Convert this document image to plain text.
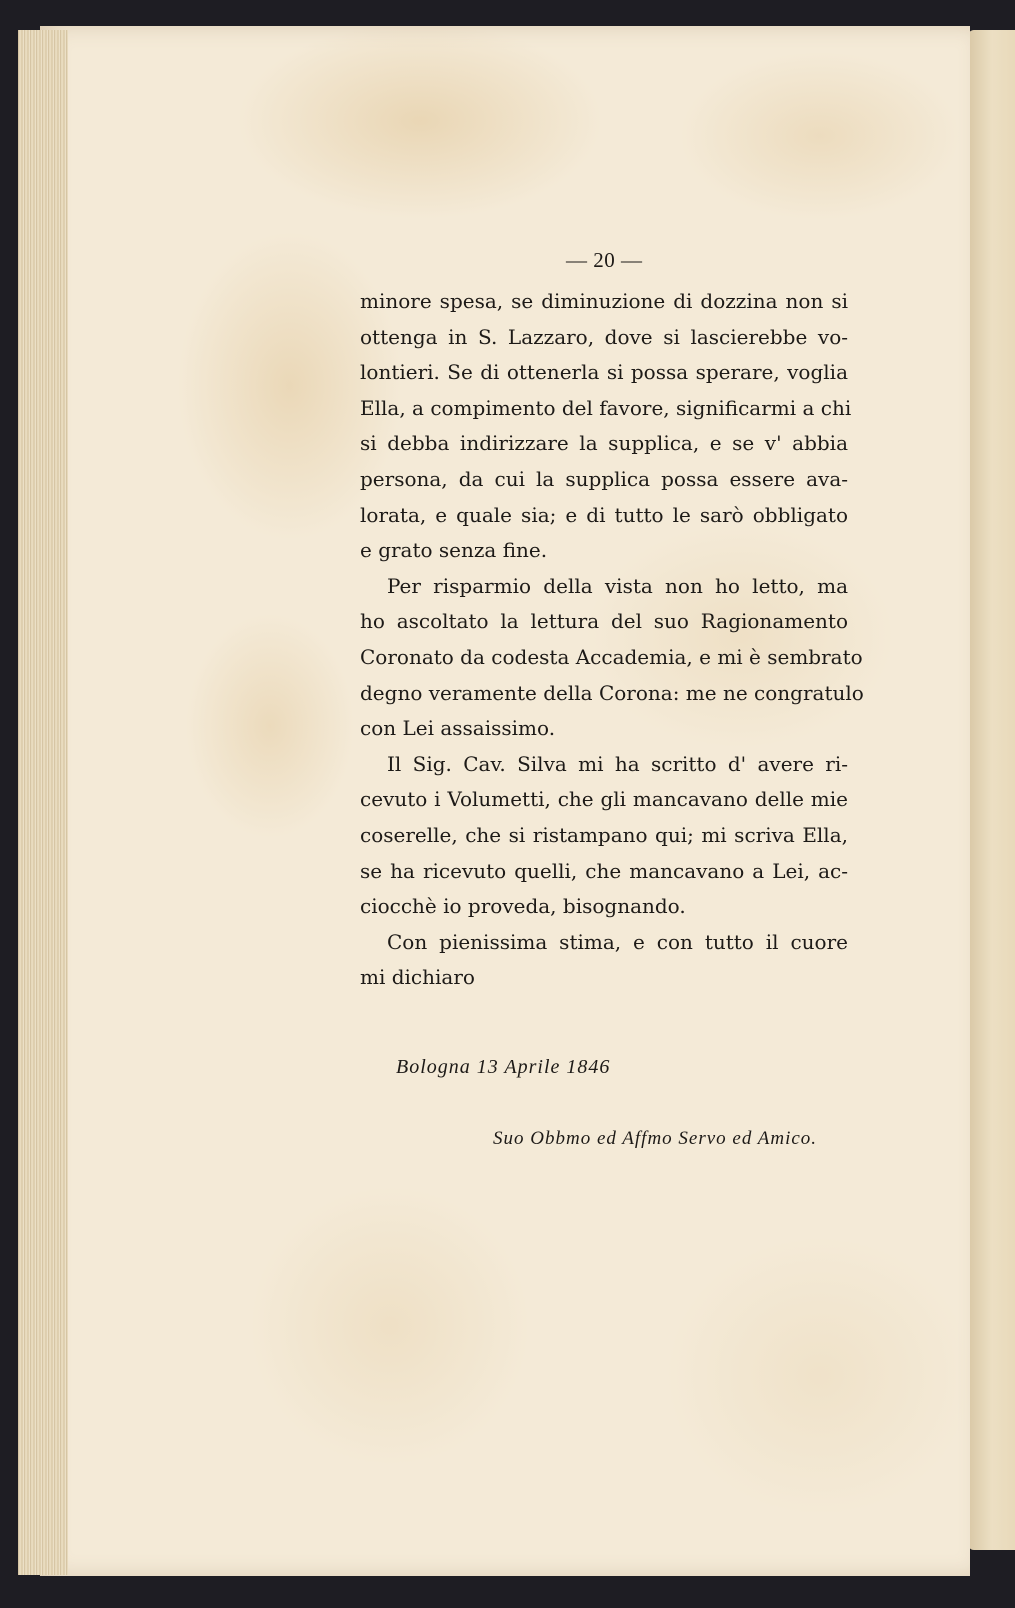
— 20 —
minore spesa, se diminuzione di dozzina non si
ottenga in S. Lazzaro, dove si lascierebbe vo-
lontieri. Se di ottenerla si possa sperare, voglia
Ella, a compimento del favore, significarmi a chi
si debba indirizzare la supplica, e se v' abbia
persona, da cui la supplica possa essere ava-
lorata, e quale sia; e di tutto le sarò obbligato
e grato senza fine.
Per risparmio della vista non ho letto, ma
ho ascoltato la lettura del suo Ragionamento
Coronato da codesta Accademia, e mi è sembrato
degno veramente della Corona: me ne congratulo
con Lei assaissimo.
Il Sig. Cav. Silva mi ha scritto d' avere ri-
cevuto i Volumetti, che gli mancavano delle mie
coserelle, che si ristampano qui; mi scriva Ella,
se ha ricevuto quelli, che mancavano a Lei, ac-
ciocchè io proveda, bisognando.
Con pienissima stima, e con tutto il cuore
mi dichiaro
Bologna 13 Aprile 1846
Suo Obbmo ed Affmo Servo ed Amico.
